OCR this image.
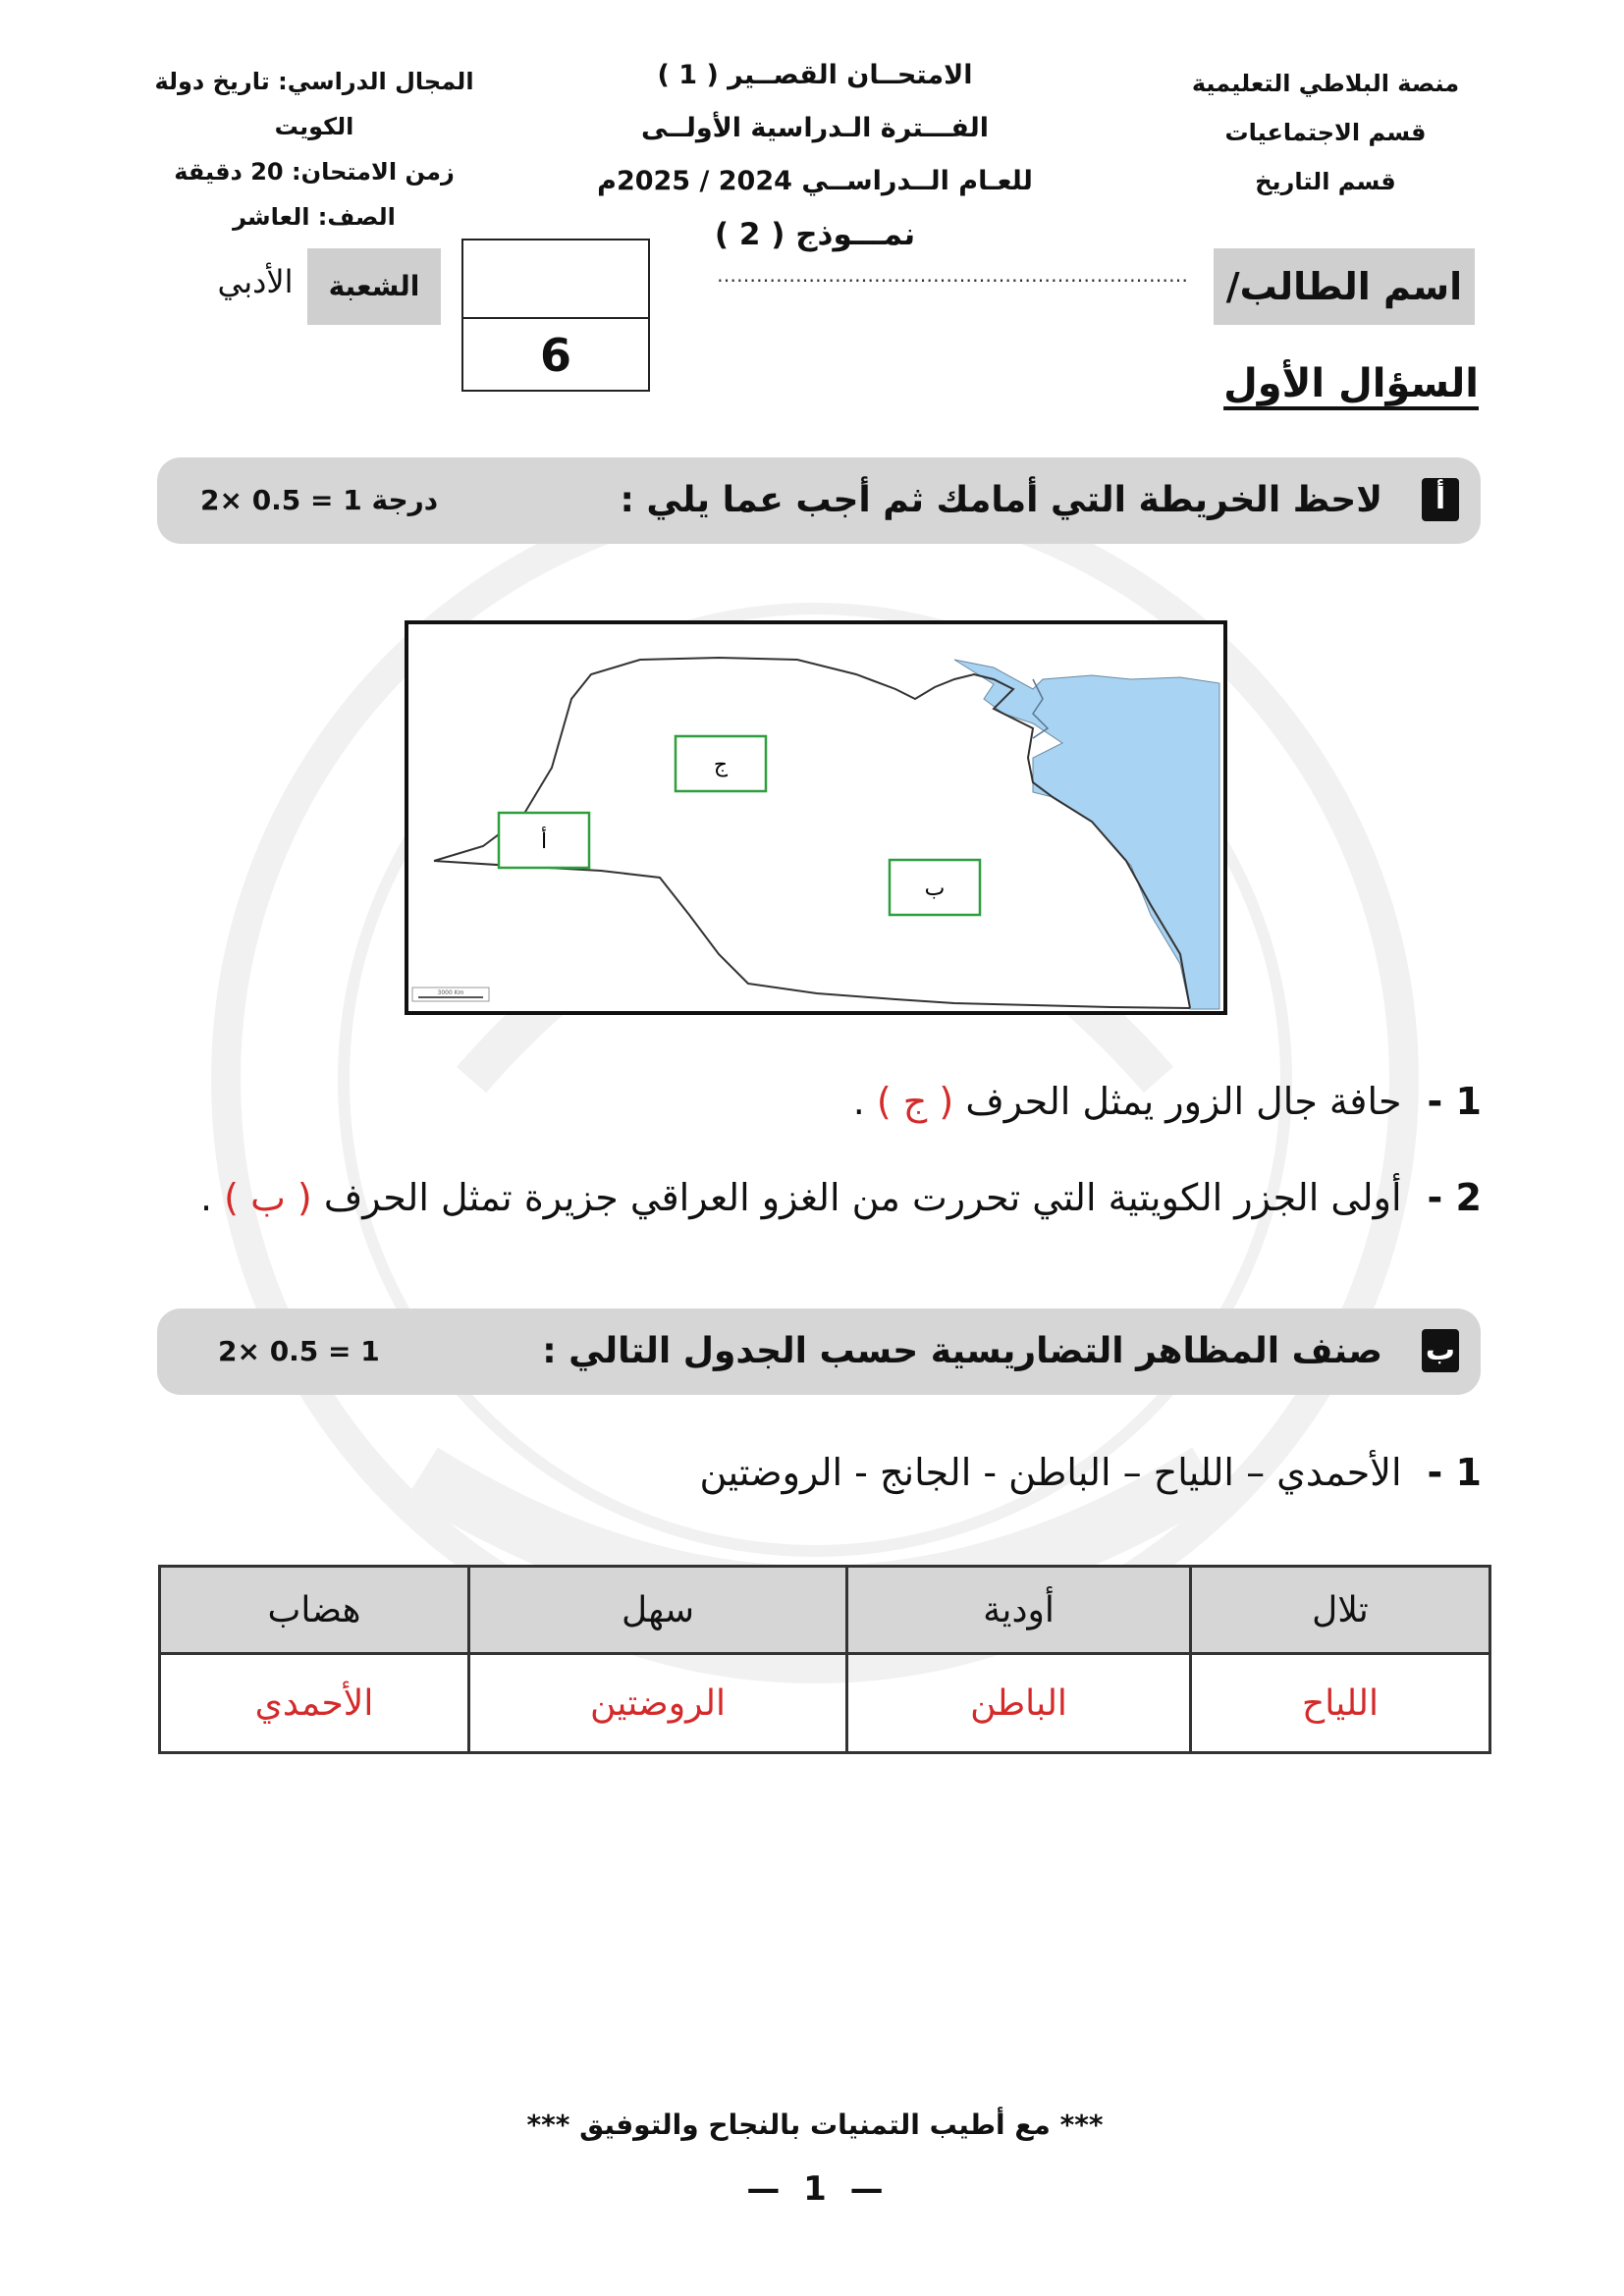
منصة البلاطي التعليمية
قسم الاجتماعيات
قسم التاريخ
الامتحــان القصــير ( 1 )
الفـــترة الـدراسية الأولــى
للعـام الــدراســي 2024 / 2025م
نمـــوذج ( 2 )
المجال الدراسي: تاريخ دولة
الكويت
زمن الامتحان: 20 دقيقة
الصف: العاشر
اسم الطالب/
………………………………………………………………
6
الشعبة
الأدبي
السؤال الأول
أ
لاحظ الخريطة التي أمامك ثم أجب عما يلي :
2× 0.5 = 1 درجة
أ
ج
ب
3000 Km
1 -حافة جال الزور يمثل الحرف ( ج ) .
2 -أولى الجزر الكويتية التي تحررت من الغزو العراقي جزيرة تمثل الحرف ( ب ) .
ب
صنف المظاهر التضاريسية حسب الجدول التالي :
2× 0.5 = 1
1 -الأحمدي – اللياح – الباطن - الجانج - الروضتين
تلال	أودية	سهل	هضاب
اللياح	الباطن	الروضتين	الأحمدي
*** مع أطيب التمنيات بالنجاح والتوفيق ***
— 1 —
